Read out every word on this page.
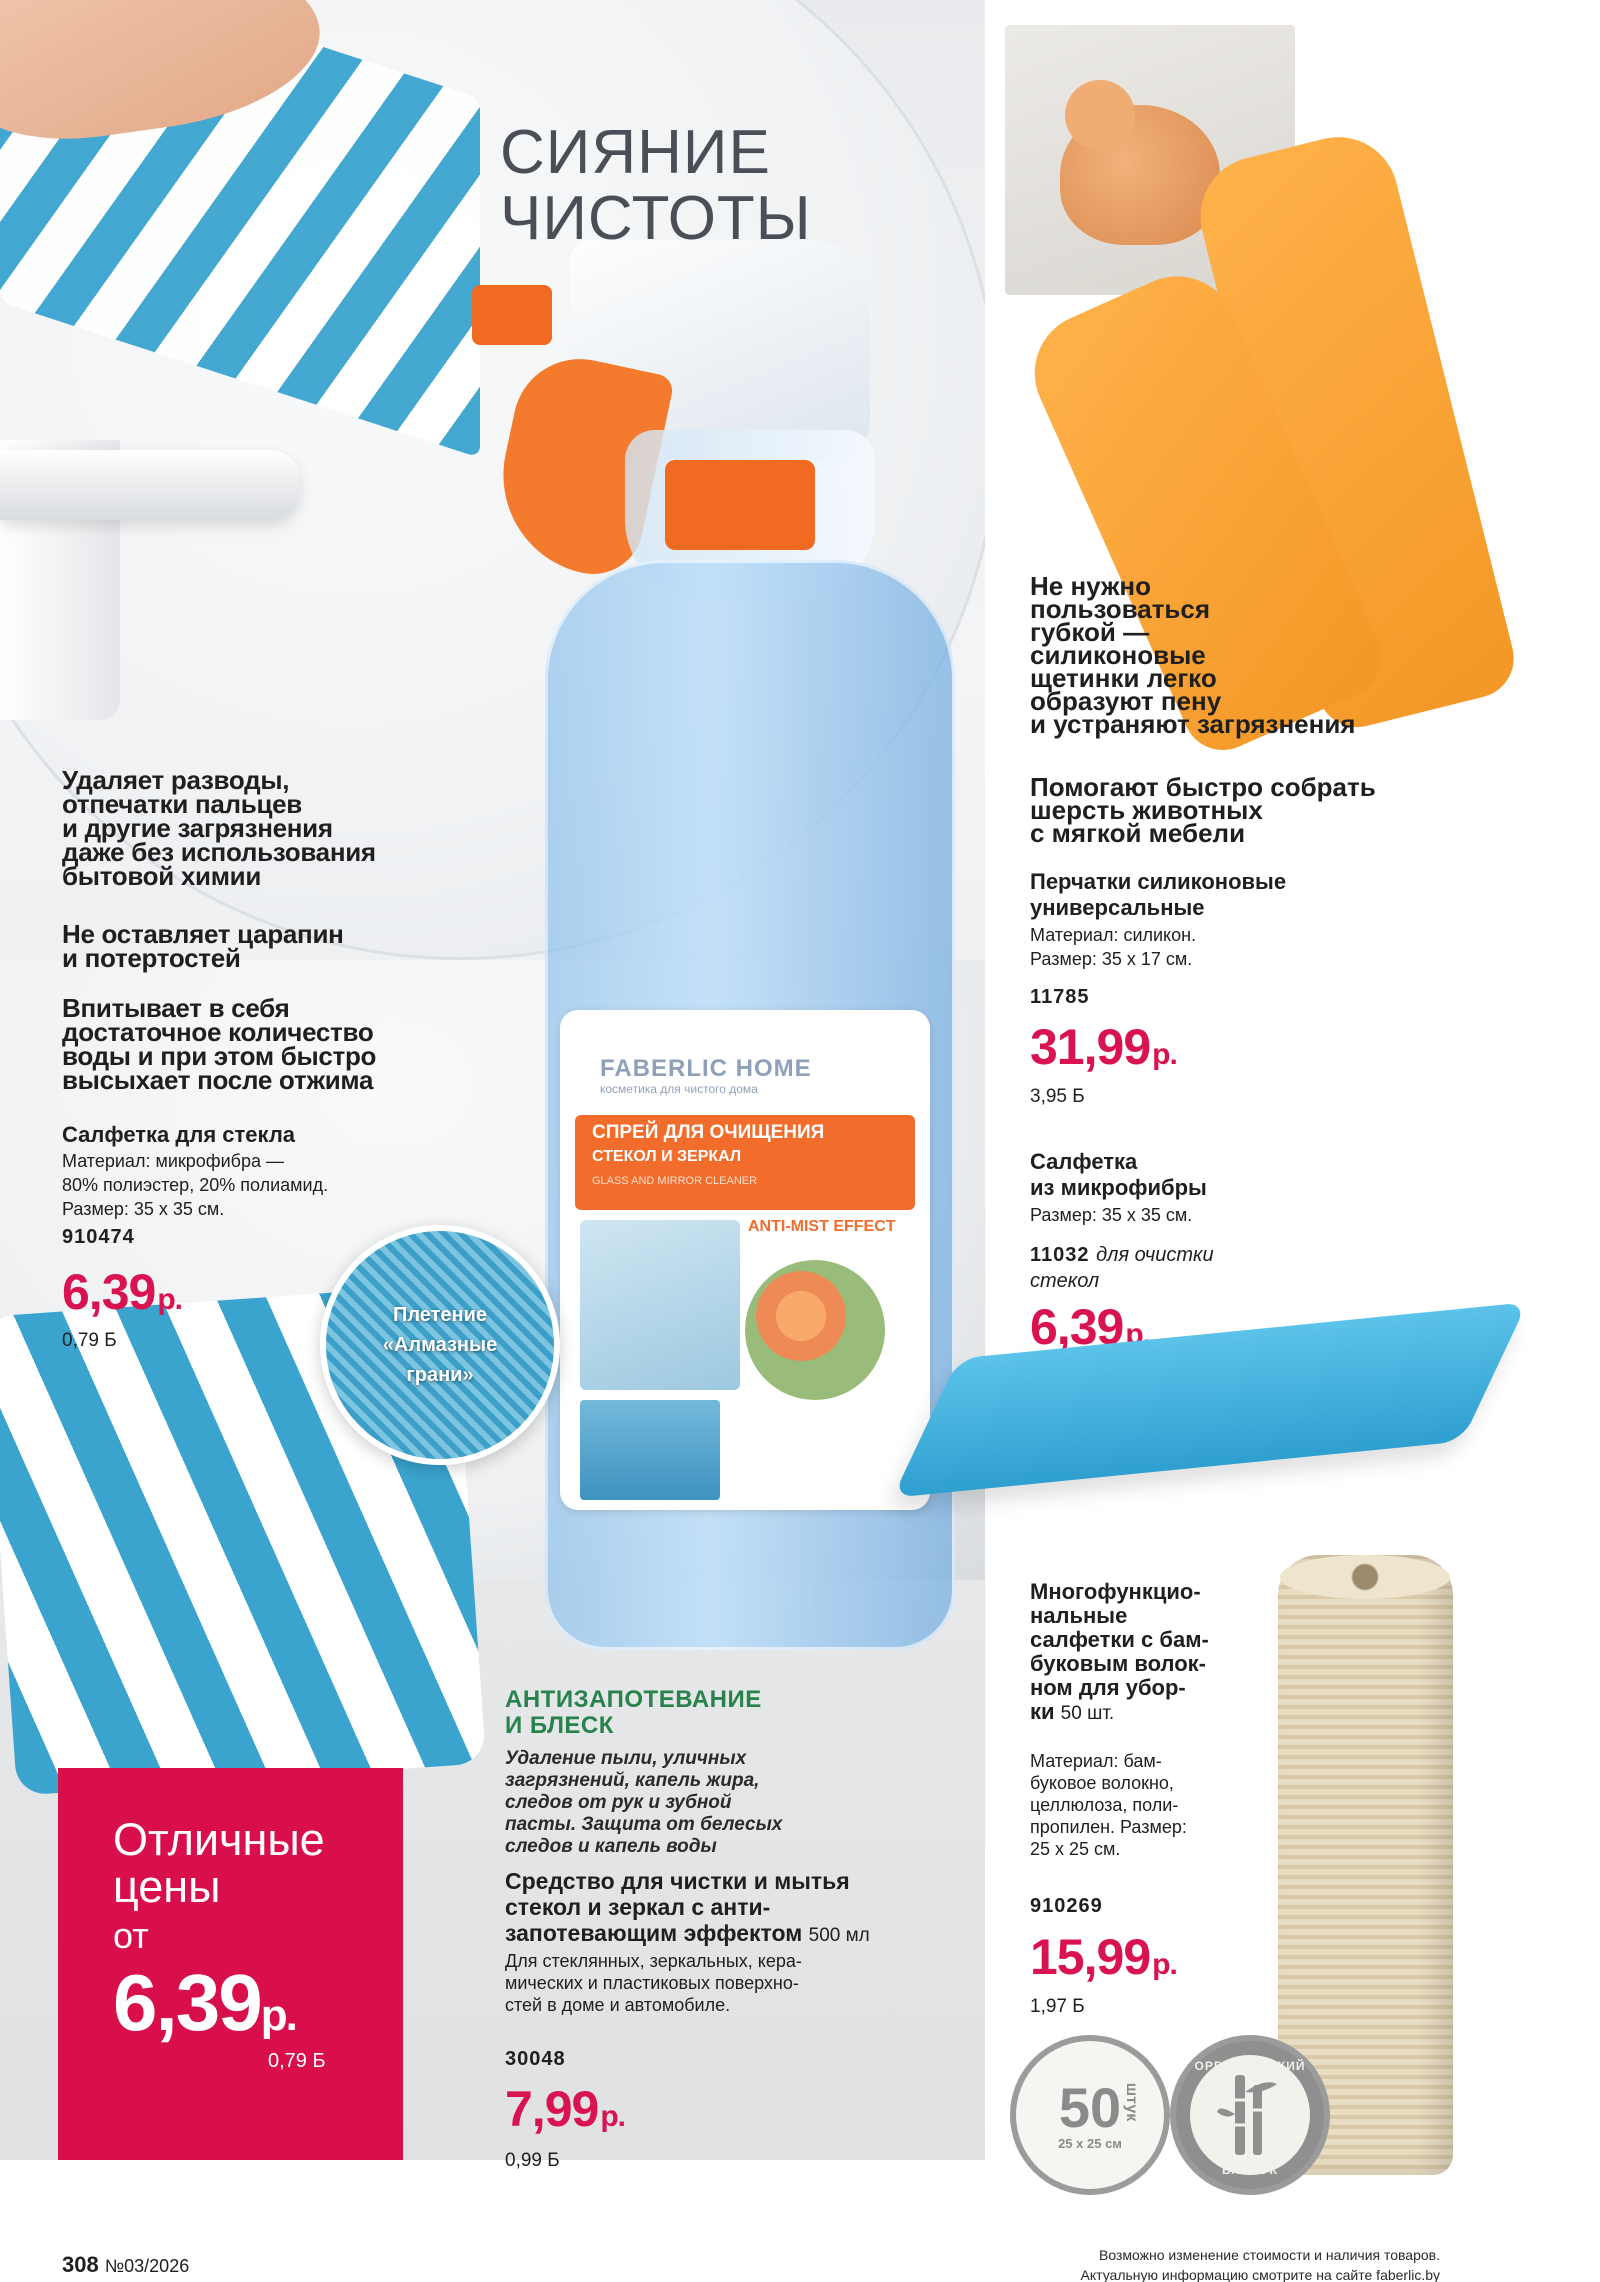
FABERLIC HOME
косметика для чистого дома
СПРЕЙ ДЛЯ ОЧИЩЕНИЯ
СТЕКОЛ И ЗЕРКАЛ
GLASS AND MIRROR CLEANER
ANTI-MIST EFFECT
СИЯНИЕ
ЧИСТОТЫ
Удаляет разводы,
отпечатки пальцев
и другие загрязнения
даже без использования
бытовой химии
Не оставляет царапин
и потертостей
Впитывает в себя
достаточное количество
воды и при этом быстро
высыхает после отжима
Салфетка для стекла
Материал: микрофибра —
80% полиэстер, 20% полиамид.
Размер: 35 х 35 см.
910474
6,39р.
0,79 Б
Плетение
«Алмазные
грани»
Не нужно
пользоваться
губкой —
силиконовые
щетинки легко
образуют пену
и устраняют загрязнения
Помогают быстро собрать
шерсть животных
с мягкой мебели
Перчатки силиконовые
универсальные
Материал: силикон.
Размер: 35 х 17 см.
11785
31,99р.
3,95 Б
Салфетка
из микрофибры
Размер: 35 х 35 см.
11032 для очистки
стекол
6,39р.
Многофункцио-
нальные
салфетки с бам-
буковым волок-
ном для убор-
ки 50 шт.
Материал: бам-
буковое волокно,
целлюлоза, поли-
пропилен. Размер:
25 х 25 см.
910269
15,99р.
1,97 Б
50
25 х 25 см
штук
ОРГАНИЧЕСКИЙ
БАМБУК
АНТИЗАПОТЕВАНИЕ
И БЛЕСК
Удаление пыли, уличных
загрязнений, капель жира,
следов от рук и зубной
пасты. Защита от белесых
следов и капель воды
Средство для чистки и мытья
стекол и зеркал с анти-
запотевающим эффектом 500 мл
Для стеклянных, зеркальных, кера-
мических и пластиковых поверхно-
стей в доме и автомобиле.
30048
7,99р.
0,99 Б
Отличные
цены
от
6,39р.
0,79 Б
308 №03/2026
Возможно изменение стоимости и наличия товаров.
Актуальную информацию смотрите на сайте faberlic.by
